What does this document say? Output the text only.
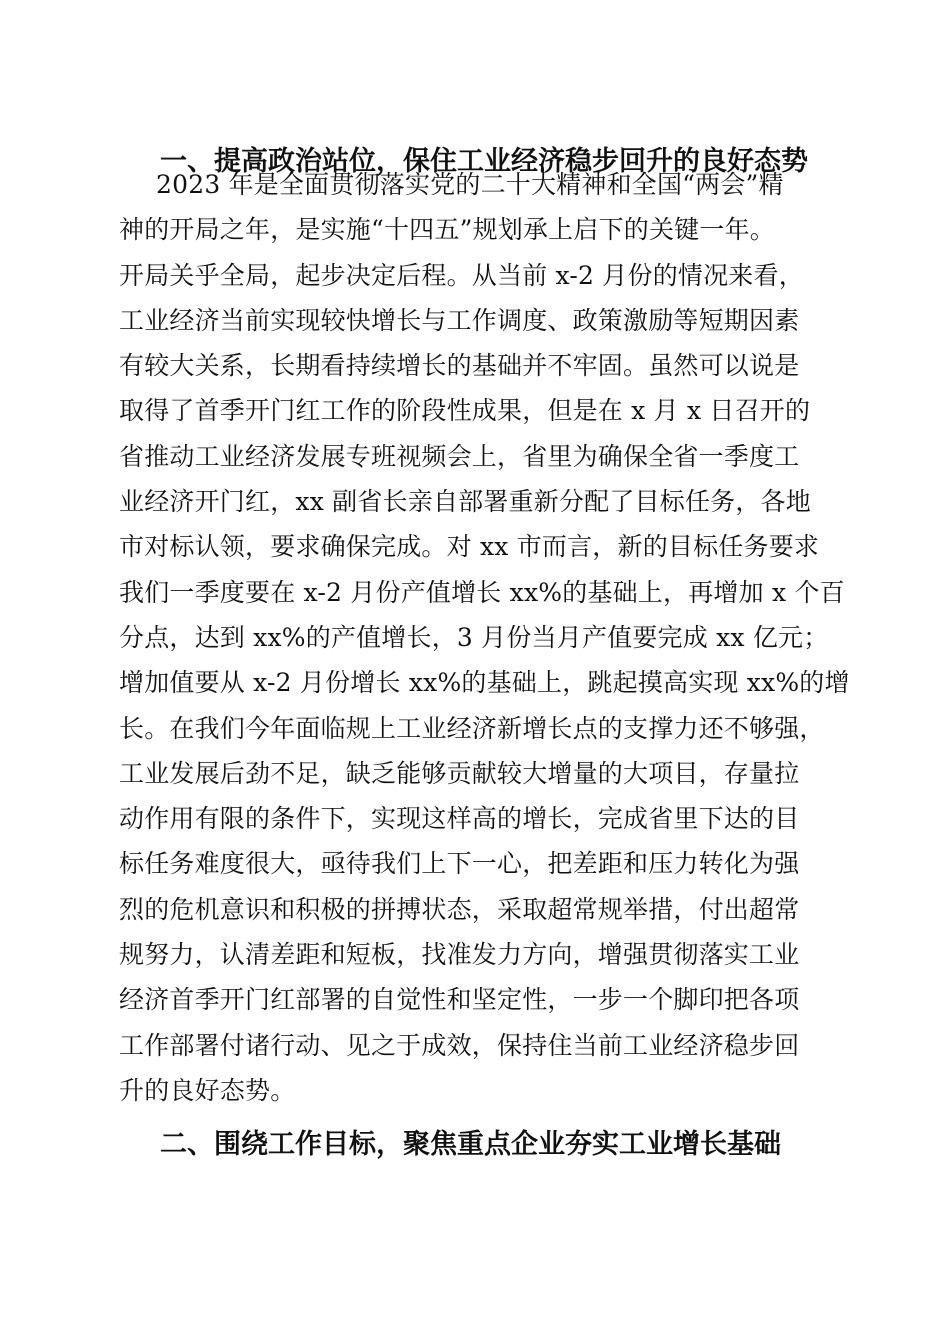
一、提高政治站位，保住工业经济稳步回升的良好态势
2023 年是全面贯彻落实党的二十大精神和全国“两会”精
神的开局之年，是实施“十四五”规划承上启下的关键一年。
开局关乎全局，起步决定后程。从当前 x-2 月份的情况来看，
工业经济当前实现较快增长与工作调度、政策激励等短期因素
有较大关系，长期看持续增长的基础并不牢固。虽然可以说是
取得了首季开门红工作的阶段性成果，但是在 x 月 x 日召开的
省推动工业经济发展专班视频会上，省里为确保全省一季度工
业经济开门红，xx 副省长亲自部署重新分配了目标任务，各地
市对标认领，要求确保完成。对 xx 市而言，新的目标任务要求
我们一季度要在 x-2 月份产值增长 xx%的基础上，再增加 x 个百
分点，达到 xx%的产值增长，3 月份当月产值要完成 xx 亿元；
增加值要从 x-2 月份增长 xx%的基础上，跳起摸高实现 xx%的增
长。在我们今年面临规上工业经济新增长点的支撑力还不够强，
工业发展后劲不足，缺乏能够贡献较大增量的大项目，存量拉
动作用有限的条件下，实现这样高的增长，完成省里下达的目
标任务难度很大，亟待我们上下一心，把差距和压力转化为强
烈的危机意识和积极的拼搏状态，采取超常规举措，付出超常
规努力，认清差距和短板，找准发力方向，增强贯彻落实工业
经济首季开门红部署的自觉性和坚定性，一步一个脚印把各项
工作部署付诸行动、见之于成效，保持住当前工业经济稳步回
升的良好态势。
二、围绕工作目标，聚焦重点企业夯实工业增长基础
